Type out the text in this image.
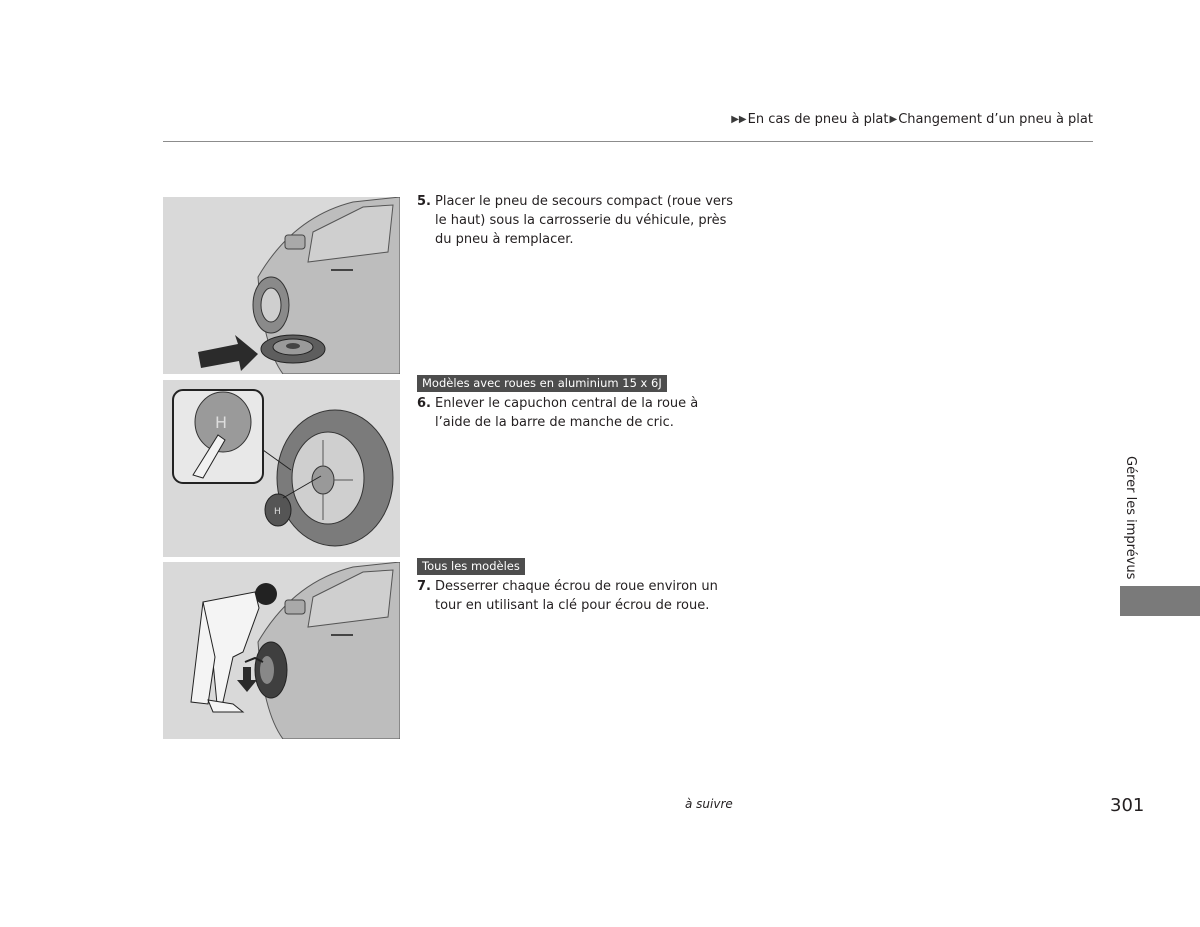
▶▶ En cas de pneu à plat ▶ Changement d’un pneu à plat
H
H
5. Placer le pneu de secours compact (roue vers le haut) sous la carrosserie du véhicule, près du pneu à remplacer.
Modèles avec roues en aluminium 15 x 6J
6. Enlever le capuchon central de la roue à l’aide de la barre de manche de cric.
Tous les modèles
7. Desserrer chaque écrou de roue environ un tour en utilisant la clé pour écrou de roue.
Gérer les imprévus
à suivre	301
